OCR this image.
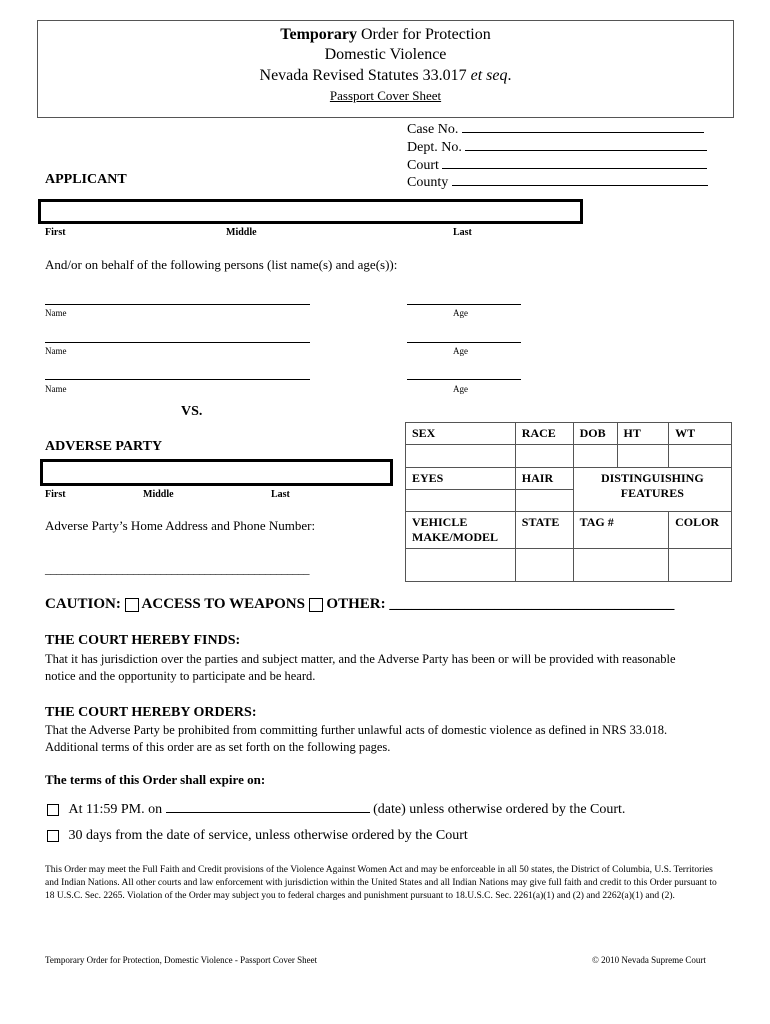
Temporary Order for Protection
Domestic Violence
Nevada Revised Statutes 33.017 et seq.
Passport Cover Sheet
Case No.
Dept. No.
Court
County
APPLICANT
First	Middle	Last
And/or on behalf of the following persons (list name(s) and age(s)):
Name	Age
Name	Age
Name	Age
VS.
ADVERSE PARTY
First	Middle	Last
Adverse Party’s Home Address and Phone Number:
________________________________________________
SEX	RACE	DOB	HT	WT

EYES	HAIR	DISTINGUISHING
FEATURES		

VEHICLE
MAKE/MODEL	STATE	TAG #		COLOR

CAUTION: ACCESS TO WEAPONS OTHER: ______________________________________
THE COURT HEREBY FINDS:
That it has jurisdiction over the parties and subject matter, and the Adverse Party has been or will be provided with reasonable notice and the opportunity to participate and be heard.
THE COURT HEREBY ORDERS:
That the Adverse Party be prohibited from committing further unlawful acts of domestic violence as defined in NRS 33.018. Additional terms of this order are as set forth on the following pages.
The terms of this Order shall expire on:
At 11:59 PM. on	(date) unless otherwise ordered by the Court.
30 days from the date of service, unless otherwise ordered by the Court
This Order may meet the Full Faith and Credit provisions of the Violence Against Women Act and may be enforceable in all 50 states, the District of Columbia, U.S. Territories and Indian Nations. All other courts and law enforcement with jurisdiction within the United States and all Indian Nations may give full faith and credit to this Order pursuant to 18 U.S.C. Sec. 2265. Violation of the Order may subject you to federal charges and punishment pursuant to 18.U.S.C. Sec. 2261(a)(1) and (2) and 2262(a)(1) and (2).
Temporary Order for Protection, Domestic Violence - Passport Cover Sheet	© 2010 Nevada Supreme Court
